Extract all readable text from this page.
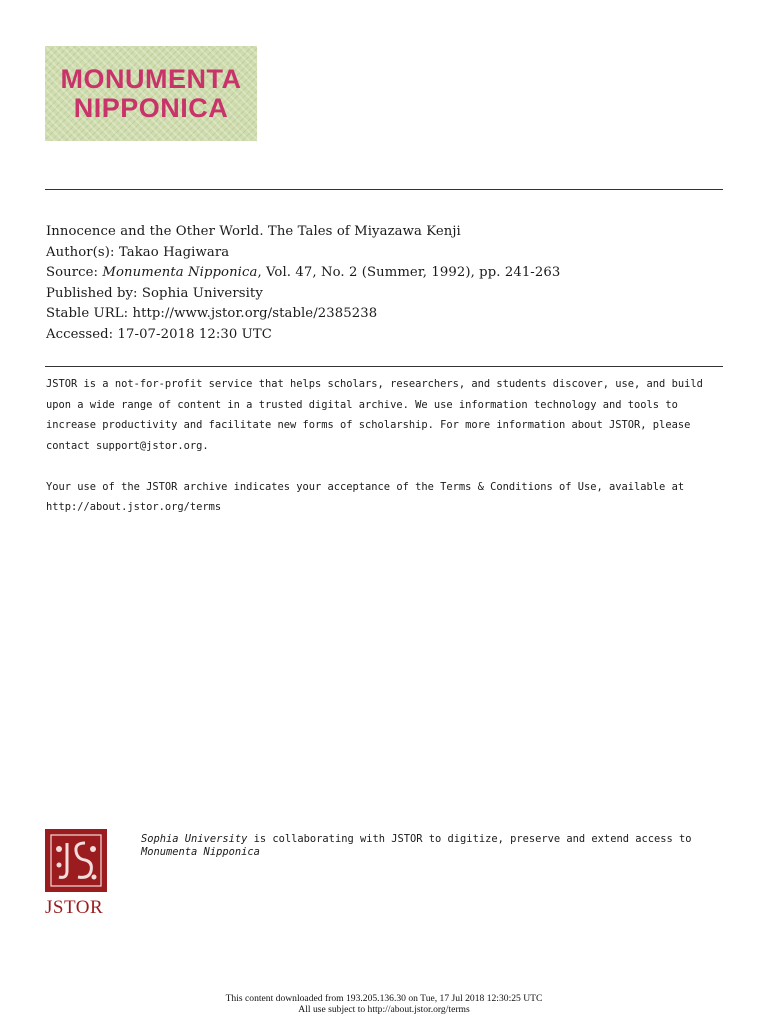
MONUMENTA
NIPPONICA
Innocence and the Other World. The Tales of Miyazawa Kenji
Author(s): Takao Hagiwara
Source: Monumenta Nipponica, Vol. 47, No. 2 (Summer, 1992), pp. 241-263
Published by: Sophia University
Stable URL: http://www.jstor.org/stable/2385238
Accessed: 17-07-2018 12:30 UTC

JSTOR is a not-for-profit service that helps scholars, researchers, and students discover, use, and build upon a wide range of content in a trusted digital archive. We use information technology and tools to increase productivity and facilitate new forms of scholarship. For more information about JSTOR, please contact support@jstor.org.

Your use of the JSTOR archive indicates your acceptance of the Terms & Conditions of Use, available at
http://about.jstor.org/terms

JSTOR
Sophia University is collaborating with JSTOR to digitize, preserve and extend access to
Monumenta Nipponica
This content downloaded from 193.205.136.30 on Tue, 17 Jul 2018 12:30:25 UTC
All use subject to http://about.jstor.org/terms
